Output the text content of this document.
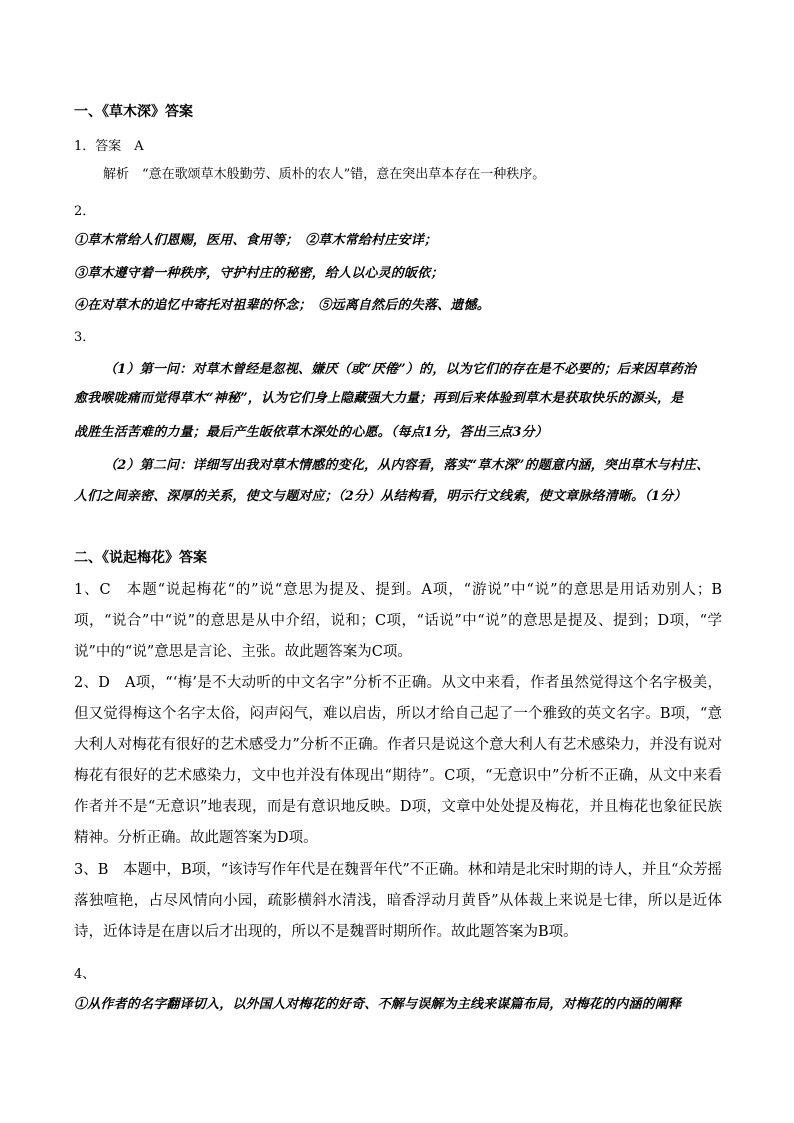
一、《草木深》答案

1．答案　A

解析　“意在歌颂草木般勤劳、质朴的农人”错，意在突出草本存在一种秩序。

2．

①草木常给人们恩赐，医用、食用等；　②草木常给村庄安详；

③草木遵守着一种秩序，守护村庄的秘密，给人以心灵的皈依；

④在对草木的追忆中寄托对祖辈的怀念；　⑤远离自然后的失落、遗憾。

3．

（1）第一问：对草木曾经是忽视、嫌厌（或“厌倦”）的，以为它们的存在是不必要的；后来因草药治

愈我喉咙痛而觉得草木“神秘”，认为它们身上隐藏强大力量；再到后来体验到草木是获取快乐的源头，是

战胜生活苦难的力量；最后产生皈依草木深处的心愿。（每点1分，答出三点3分）

（2）第二问：详细写出我对草木情感的变化，从内容看，落实“草木深”的题意内涵，突出草木与村庄、

人们之间亲密、深厚的关系，使文与题对应；（2分）从结构看，明示行文线索，使文章脉络清晰。（1分）

二、《说起梅花》答案

1、C　本题“说起梅花“的”说“意思为提及、提到。A项，“游说”中“说”的意思是用话劝别人；B项，“说合”中“说”的意思是从中介绍，说和；C项，“话说”中“说”的意思是提及、提到；D项，“学说”中的“说”意思是言论、主张。故此题答案为C项。

2、D　A项，“‘梅’是不大动听的中文名字”分析不正确。从文中来看，作者虽然觉得这个名字极美，但又觉得梅这个名字太俗，闷声闷气，难以启齿，所以才给自己起了一个雅致的英文名字。B项，“意大利人对梅花有很好的艺术感受力”分析不正确。作者只是说这个意大利人有艺术感染力，并没有说对梅花有很好的艺术感染力，文中也并没有体现出“期待”。C项，“无意识中”分析不正确，从文中来看作者并不是“无意识”地表现，而是有意识地反映。D项，文章中处处提及梅花，并且梅花也象征民族精神。分析正确。故此题答案为D项。

3、B　本题中，B项，“该诗写作年代是在魏晋年代”不正确。林和靖是北宋时期的诗人，并且“众芳摇落独喧艳，占尽风情向小园，疏影横斜水清浅，暗香浮动月黄昏”从体裁上来说是七律，所以是近体诗，近体诗是在唐以后才出现的，所以不是魏晋时期所作。故此题答案为B项。

4、

①从作者的名字翻译切入，以外国人对梅花的好奇、不解与误解为主线来谋篇布局，对梅花的内涵的阐释
